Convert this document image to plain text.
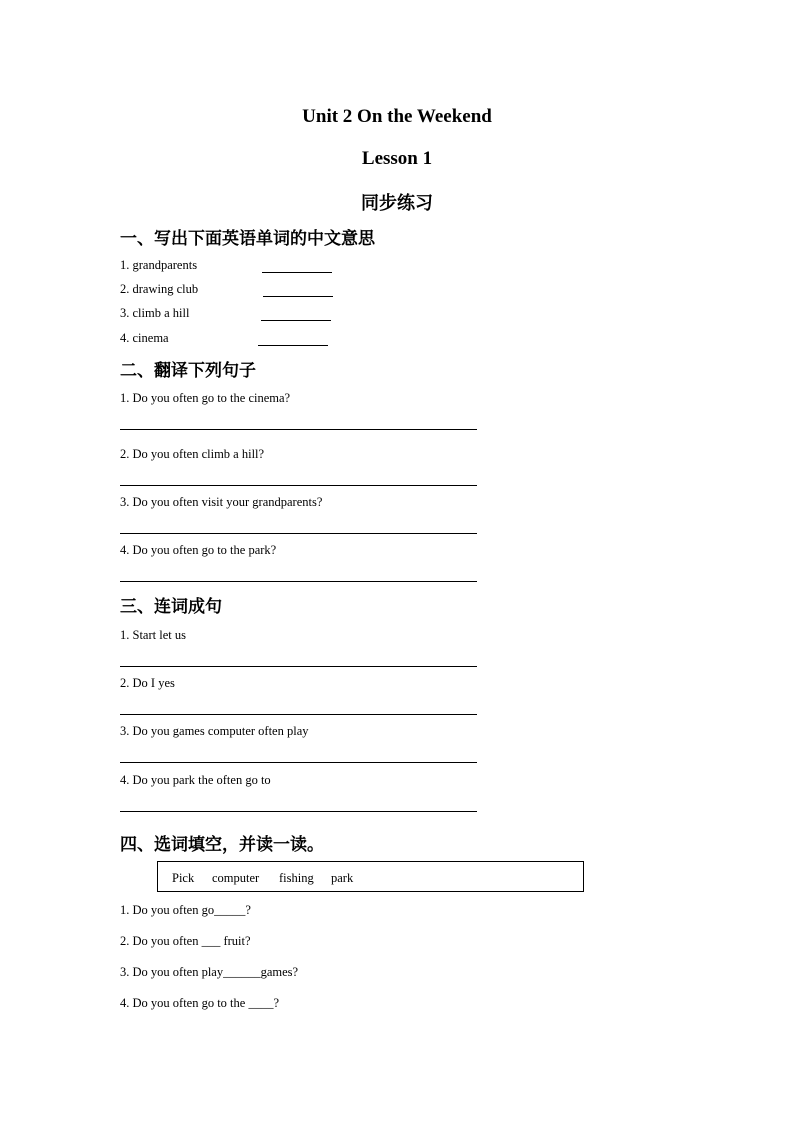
Unit 2 On the Weekend
Lesson 1
同步练习
一、写出下面英语单词的中文意思
1. grandparents
2. drawing club
3. climb a hill
4. cinema
二、翻译下列句子
1. Do you often go to the cinema?
2. Do you often climb a hill?
3. Do you often visit your grandparents?
4. Do you often go to the park?
三、连词成句
1. Start let us
2. Do I yes
3. Do you games computer often play
4. Do you park the often go to
四、选词填空，并读一读。
Pick computer fishing park
1. Do you often go_____?
2. Do you often ___ fruit?
3. Do you often play______games?
4. Do you often go to the ____?
